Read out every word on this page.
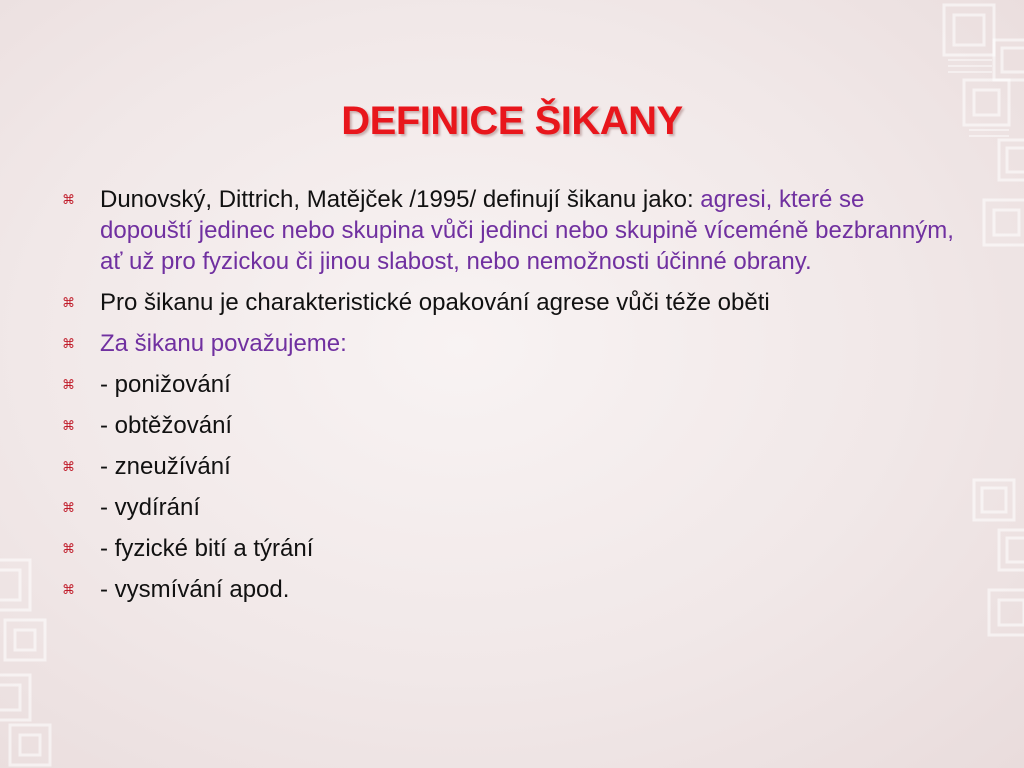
DEFINICE ŠIKANY
⌘	Dunovský, Dittrich, Matějček /1995/ definují šikanu jako: agresi, které se dopouští jedinec nebo skupina vůči jedinci nebo skupině víceméně bezbranným, ať už pro fyzickou či jinou slabost, nebo nemožnosti účinné obrany.
⌘	Pro šikanu je charakteristické opakování agrese vůči téže oběti
⌘	Za šikanu považujeme:
⌘	- ponižování
⌘	- obtěžování
⌘	- zneužívání
⌘	- vydírání
⌘	- fyzické bití a týrání
⌘	- vysmívání apod.
